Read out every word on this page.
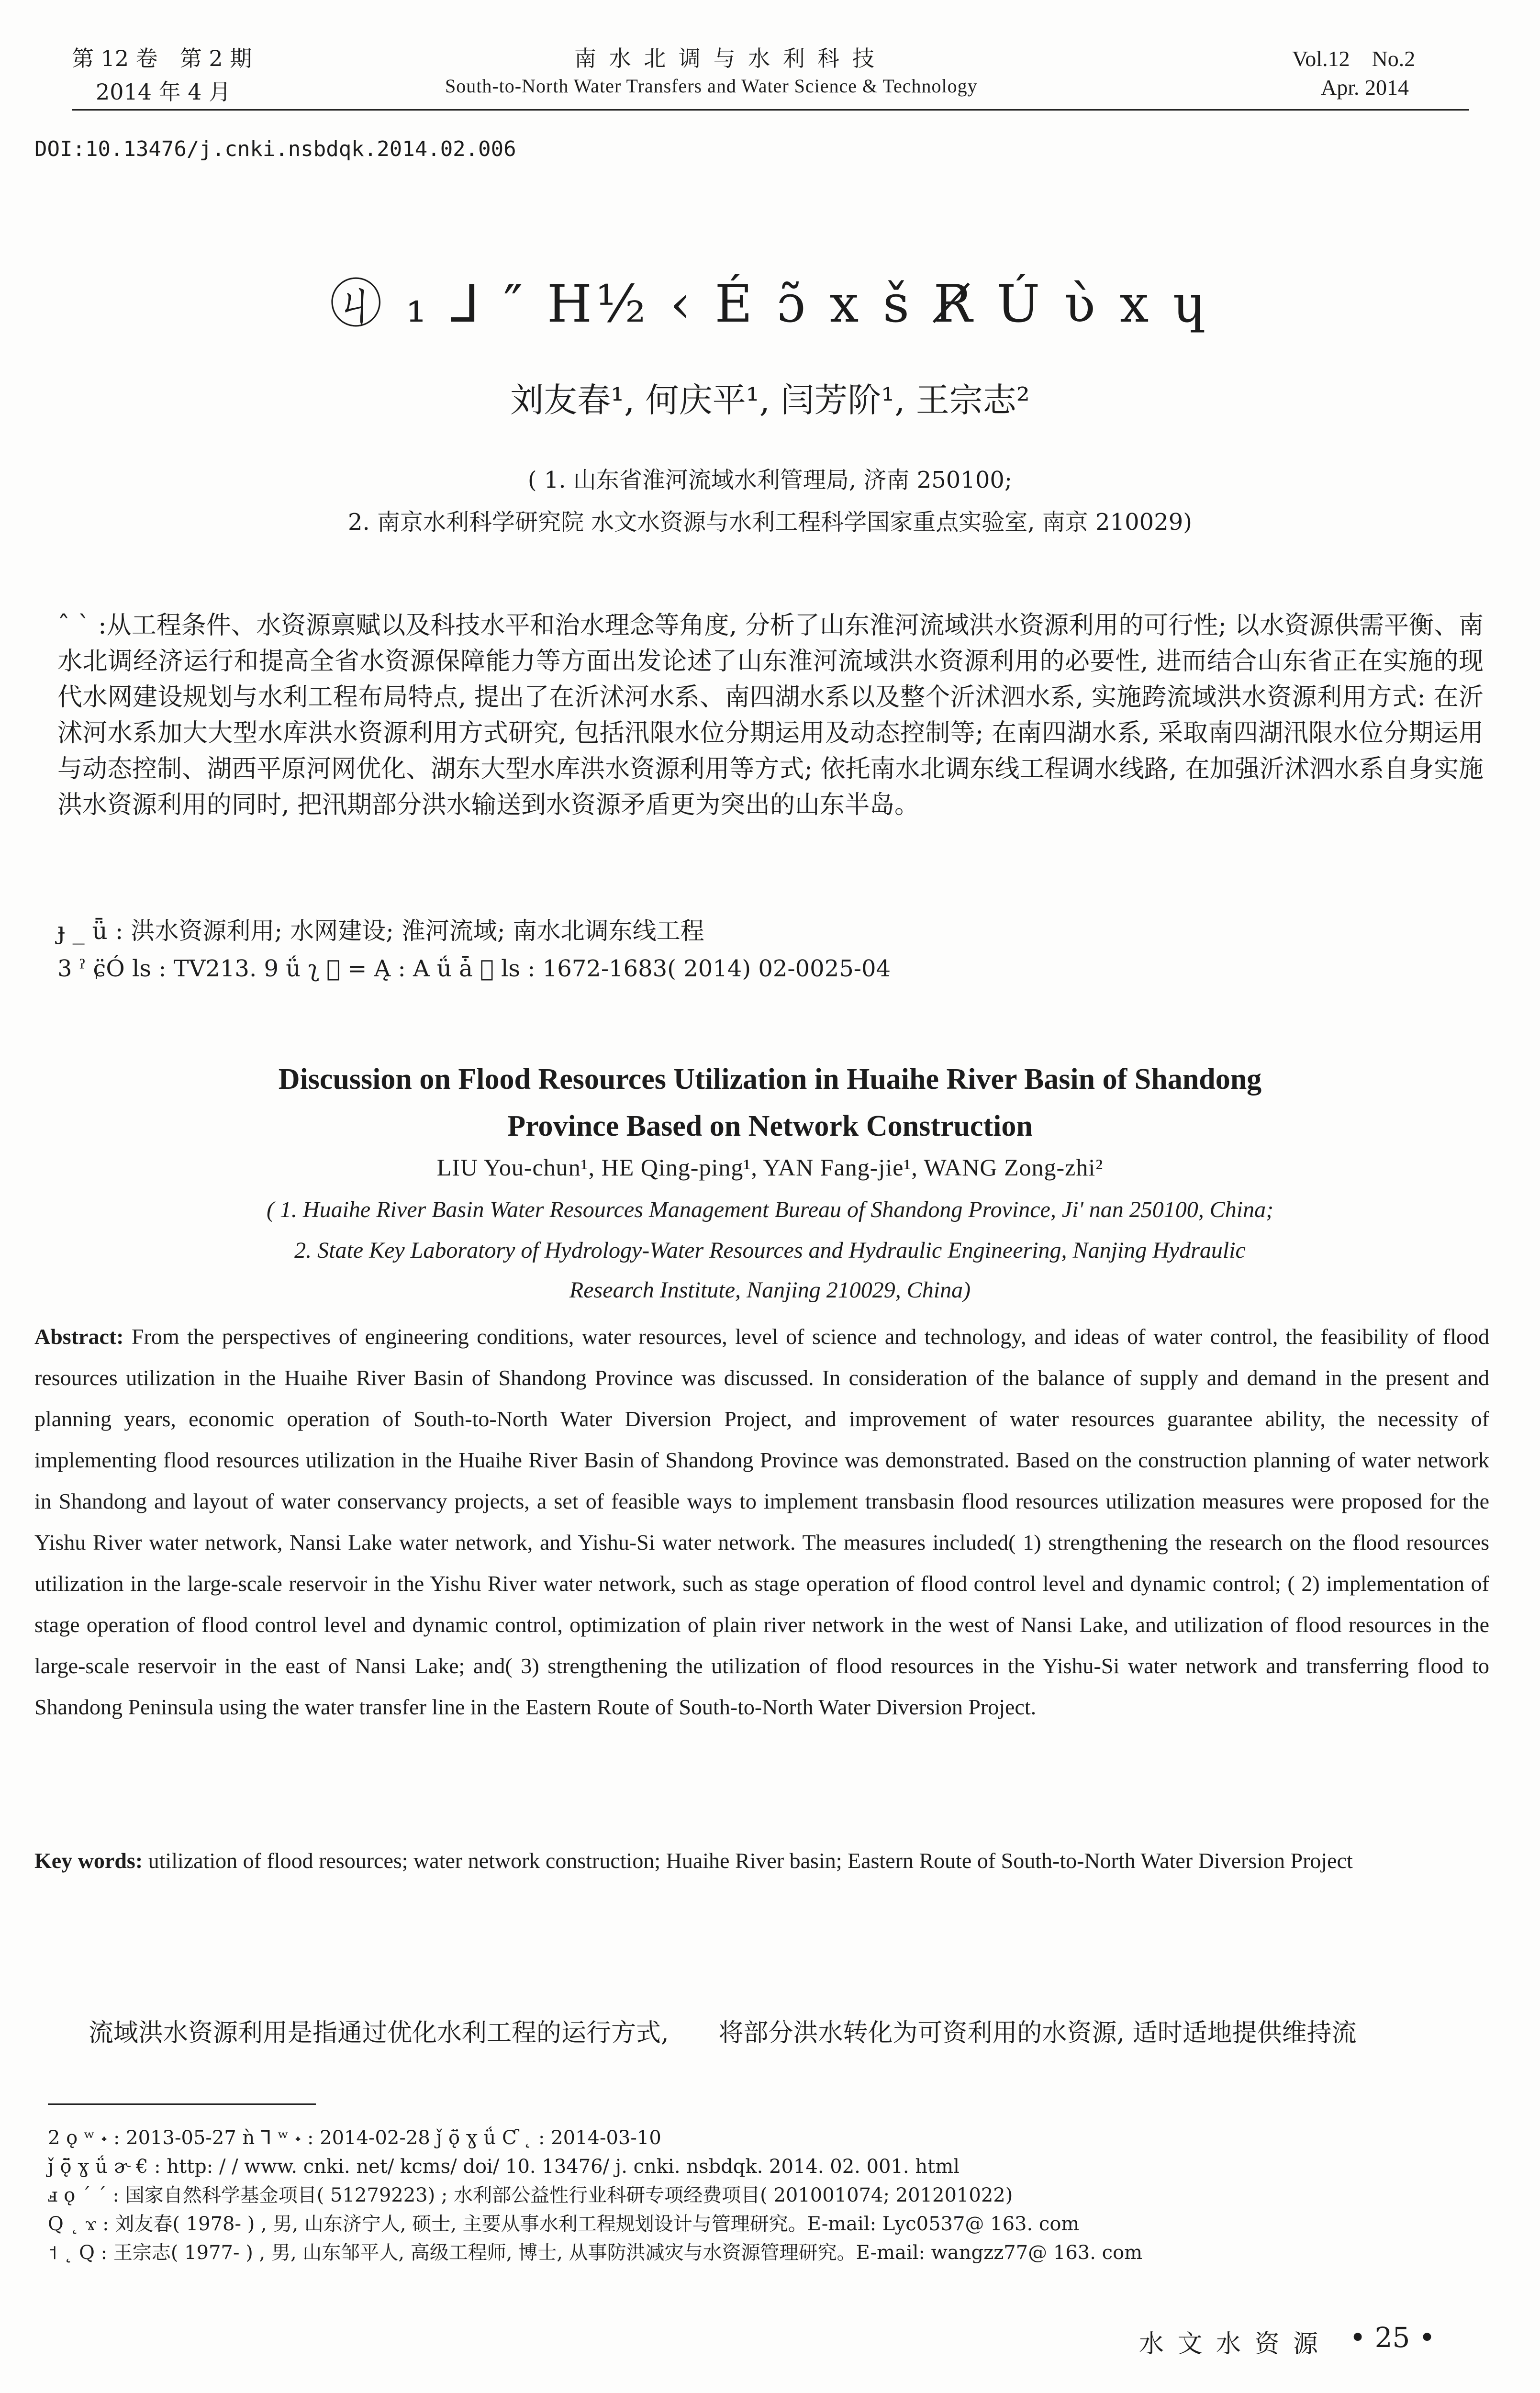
第 12 卷　第 2 期
2014 年 4 月
南 水 北 调 与 水 利 科 技
South-to-North Water Transfers and Water Science & Technology
Vol.12　No.2
Apr. 2014
DOI:10.13476/j.cnki.nsbdqk.2014.02.006
ㄐ⃝ ₁ ⅃ ″ H½ ‹ É ɔ̃ x š R̸ Ú ʋ̀ x ɥ
刘友春¹, 何庆平¹, 闫芳阶¹, 王宗志²
( 1. 山东省淮河流域水利管理局, 济南 250100;
2. 南京水利科学研究院 水文水资源与水利工程科学国家重点实验室, 南京 210029)
ˆ ˋ :从工程条件、水资源禀赋以及科技水平和治水理念等角度, 分析了山东淮河流域洪水资源利用的可行性; 以水资源供需平衡、南水北调经济运行和提高全省水资源保障能力等方面出发论述了山东淮河流域洪水资源利用的必要性, 进而结合山东省正在实施的现代水网建设规划与水利工程布局特点, 提出了在沂沭河水系、南四湖水系以及整个沂沭泗水系, 实施跨流域洪水资源利用方式: 在沂沭河水系加大大型水库洪水资源利用方式研究, 包括汛限水位分期运用及动态控制等; 在南四湖水系, 采取南四湖汛限水位分期运用与动态控制、湖西平原河网优化、湖东大型水库洪水资源利用等方式; 依托南水北调东线工程调水线路, 在加强沂沭泗水系自身实施洪水资源利用的同时, 把汛期部分洪水输送到水资源矛盾更为突出的山东半岛。
ɟ _ ǖ : 洪水资源利用; 水网建设; 淮河流域; 南水北调东线工程
3 ˀ ɕ̈Ó ls : TV213. 9 ǘ ʅ ⃞ = Ą : A ǘ ǡ ⃞ ls : 1672-1683( 2014) 02-0025-04
Discussion on Flood Resources Utilization in Huaihe River Basin of Shandong
Province Based on Network Construction
LIU You-chun¹, HE Qing-ping¹, YAN Fang-jie¹, WANG Zong-zhi²
( 1. Huaihe River Basin Water Resources Management Bureau of Shandong Province, Ji' nan 250100, China;
2. State Key Laboratory of Hydrology-Water Resources and Hydraulic Engineering, Nanjing Hydraulic
Research Institute, Nanjing 210029, China)
Abstract: From the perspectives of engineering conditions, water resources, level of science and technology, and ideas of water control, the feasibility of flood resources utilization in the Huaihe River Basin of Shandong Province was discussed. In consideration of the balance of supply and demand in the present and planning years, economic operation of South-to-North Water Diversion Project, and improvement of water resources guarantee ability, the necessity of implementing flood resources utilization in the Huaihe River Basin of Shandong Province was demonstrated. Based on the construction planning of water network in Shandong and layout of water conservancy projects, a set of feasible ways to implement transbasin flood resources utilization measures were proposed for the Yishu River water network, Nansi Lake water network, and Yishu-Si water network. The measures included( 1) strengthening the research on the flood resources utilization in the large-scale reservoir in the Yishu River water network, such as stage operation of flood control level and dynamic control; ( 2) implementation of stage operation of flood control level and dynamic control, optimization of plain river network in the west of Nansi Lake, and utilization of flood resources in the large-scale reservoir in the east of Nansi Lake; and( 3) strengthening the utilization of flood resources in the Yishu-Si water network and transferring flood to Shandong Peninsula using the water transfer line in the Eastern Route of South-to-North Water Diversion Project.
Key words: utilization of flood resources; water network construction; Huaihe River basin; Eastern Route of South-to-North Water Diversion Project
流域洪水资源利用是指通过优化水利工程的运行方式,　　将部分洪水转化为可资利用的水资源, 适时适地提供维持流
2 ǫ ʷ ˖ : 2013-05-27 ǹ ⅂ ʷ ˖ : 2014-02-28 ǰ ǭ̈ ɣ ǘ Ƈ ˛ : 2014-03-10
ǰ ǭ̈ ɣ ǘ ɚ € : http: / / www. cnki. net/ kcms/ doi/ 10. 13476/ j. cnki. nsbdqk. 2014. 02. 001. html
ⅎ ǫ ˊ ˊ : 国家自然科学基金项目( 51279223) ; 水利部公益性行业科研专项经费项目( 201001074; 201201022)
Q ˛ ϫ : 刘友春( 1978- ) , 男, 山东济宁人, 硕士, 主要从事水利工程规划设计与管理研究。E-mail: Lyc0537@ 163. com
˦ ˛ Q : 王宗志( 1977- ) , 男, 山东邹平人, 高级工程师, 博士, 从事防洪减灾与水资源管理研究。E-mail: wangzz77@ 163. com
水 文 水 资 源 • 25 •
